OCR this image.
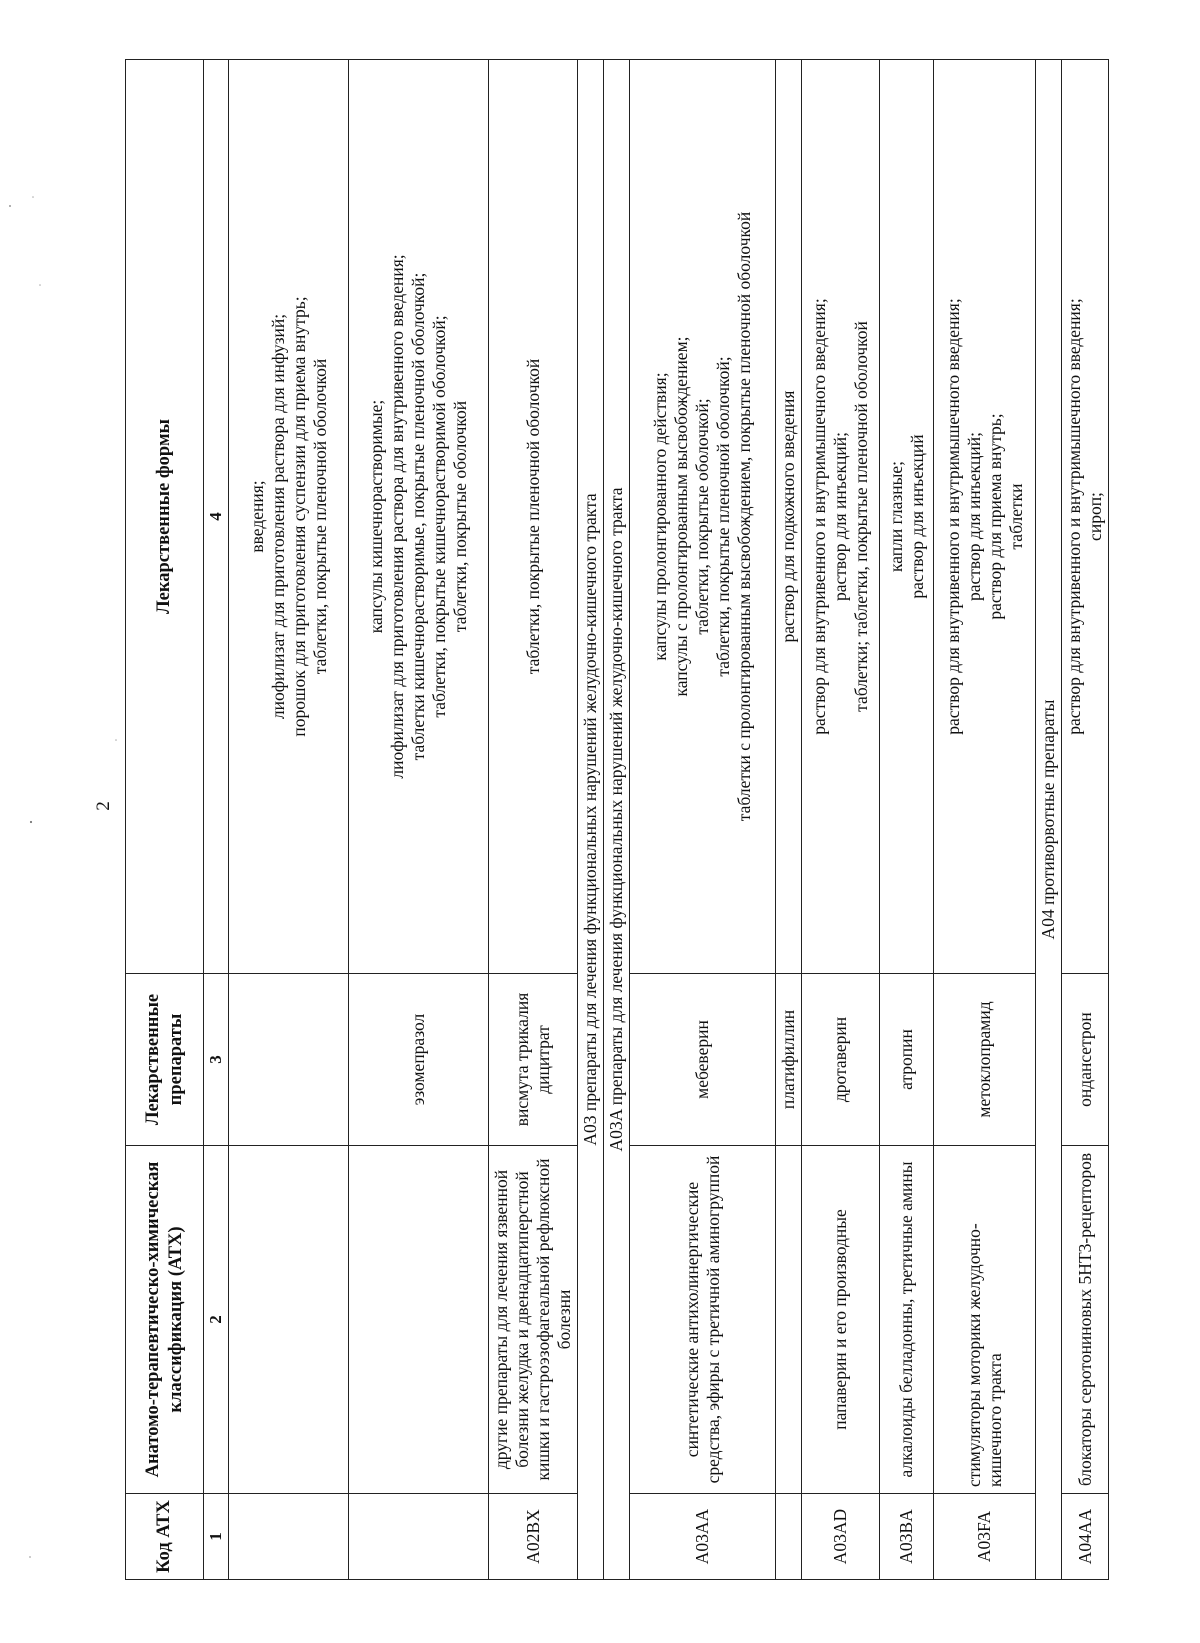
2
Код АТХ	Анатомо-терапевтическо-химическая классификация (АТХ)	Лекарственные препараты	Лекарственные формы
1	2	3	4

			введения; лиофилизат для приготовления раствора для инфузий; порошок для приготовления суспензии для приема внутрь; таблетки, покрытые пленочной оболочкой

		эзомепразол	капсулы кишечнорастворимые; лиофилизат для приготовления раствора для внутривенного введения; таблетки кишечнорастворимые, покрытые пленочной оболочкой; таблетки, покрытые кишечнорастворимой оболочкой; таблетки, покрытые оболочкой

A02BX	другие препараты для лечения язвенной болезни желудка и двенадцатиперстной кишки и гастроэзофагеальной рефлюксной болезни	висмута трикалия дицитрат	таблетки, покрытые пленочной оболочкой

A03 препараты для лечения функциональных нарушений желудочно-кишечного тракта			
A03A препараты для лечения функциональных нарушений желудочно-кишечного тракта			
A03AA	синтетические антихолинергические средства, эфиры с третичной аминогруппой	мебеверин	капсулы пролонгированного действия; капсулы с пролонгированным высвобождением; таблетки, покрытые оболочкой; таблетки, покрытые пленочной оболочкой; таблетки с пролонгированным высвобождением, покрытые пленочной оболочкой

		платифиллин	раствор для подкожного введения

A03AD	папаверин и его производные	дротаверин	раствор для внутривенного и внутримышечного введения; раствор для инъекций; таблетки; таблетки, покрытые пленочной оболочкой

A03BA	алкалоиды белладонны, третичные амины	атропин	капли глазные; раствор для инъекций

A03FA	стимуляторы моторики желудочно-кишечного тракта	метоклопрамид	раствор для внутривенного и внутримышечного введения; раствор для инъекций; раствор для приема внутрь; таблетки

A04 противорвотные препараты			
A04AA	блокаторы серотониновых 5HT3-рецепторов	ондансетрон	раствор для внутривенного и внутримышечного введения; сироп;
